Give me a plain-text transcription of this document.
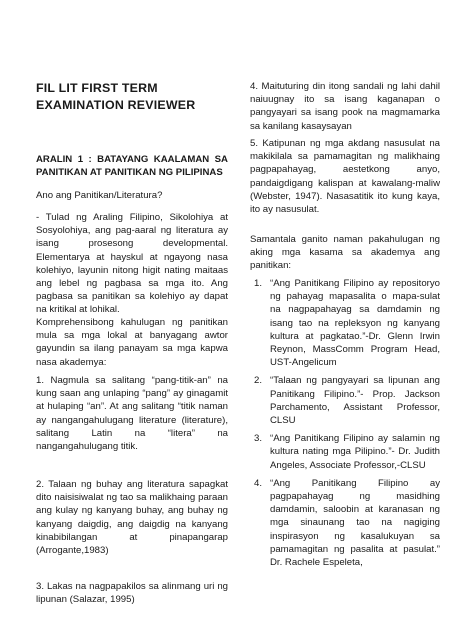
FIL LIT FIRST TERM EXAMINATION REVIEWER

ARALIN 1 : BATAYANG KAALAMAN SA PANITIKAN AT PANITIKAN NG PILIPINAS

Ano ang Panitikan/Literatura?

- Tulad ng Araling Filipino, Sikolohiya at Sosyolohiya, ang pag-aaral ng literatura ay isang prosesong developmental. Elementarya at hayskul at ngayong nasa kolehiyo, layunin nitong higit nating maitaas ang lebel ng pagbasa sa mga ito. Ang pagbasa sa panitikan sa kolehiyo ay dapat na kritikal at lohikal.

Komprehensibong kahulugan ng panitikan mula sa mga lokal at banyagang awtor gayundin sa ilang panayam sa mga kapwa nasa akademya:

1. Nagmula sa salitang “pang-titik-an” na kung saan ang unlaping “pang” ay ginagamit at hulaping “an”. At ang salitang “titik naman ay nangangahulugang literature (literature), salitang Latin na “litera” na nangangahulugang titik.

2. Talaan ng buhay ang literatura sapagkat dito naisisiwalat ng tao sa malikhaing paraan ang kulay ng kanyang buhay, ang buhay ng kanyang daigdig, ang daigdig na kanyang kinabibilangan at pinapangarap (Arrogante,1983)

3. Lakas na nagpapakilos sa alinmang uri ng lipunan (Salazar, 1995)

4. Maituturing din itong sandali ng lahi dahil naiuugnay ito sa isang kaganapan o pangyayari sa isang pook na magmamarka sa kanilang kasaysayan

5. Katipunan ng mga akdang nasusulat na makikilala sa pamamagitan ng malikhaing pagpapahayag, aestetkong anyo, pandaigdigang kalispan at kawalang-maliw (Webster, 1947). Nasasatitik ito kung kaya, ito ay nasusulat.

Samantala ganito naman pakahulugan ng aking mga kasama sa akademya ang panitikan:

1. “Ang Panitikang Filipino ay repositoryo ng pahayag mapasalita o mapa-sulat na nagpapahayag sa damdamin ng isang tao na repleksyon ng kanyang kultura at pagkatao.”-Dr. Glenn Irwin Reynon, MassComm Program Head, UST-Angelicum
2. “Talaan ng pangyayari sa lipunan ang Panitikang Filipino.”- Prop. Jackson Parchamento, Assistant Professor, CLSU
3. “Ang Panitikang Filipino ay salamin ng kultura nating mga Pilipino.”- Dr. Judith Angeles, Associate Professor,-CLSU
4. “Ang Panitikang Filipino ay pagpapahayag ng masidhing damdamin, saloobin at karanasan ng mga sinaunang tao na nagiging inspirasyon ng kasalukuyan sa pamamagitan ng pasalita at pasulat.” Dr. Rachele Espeleta,
